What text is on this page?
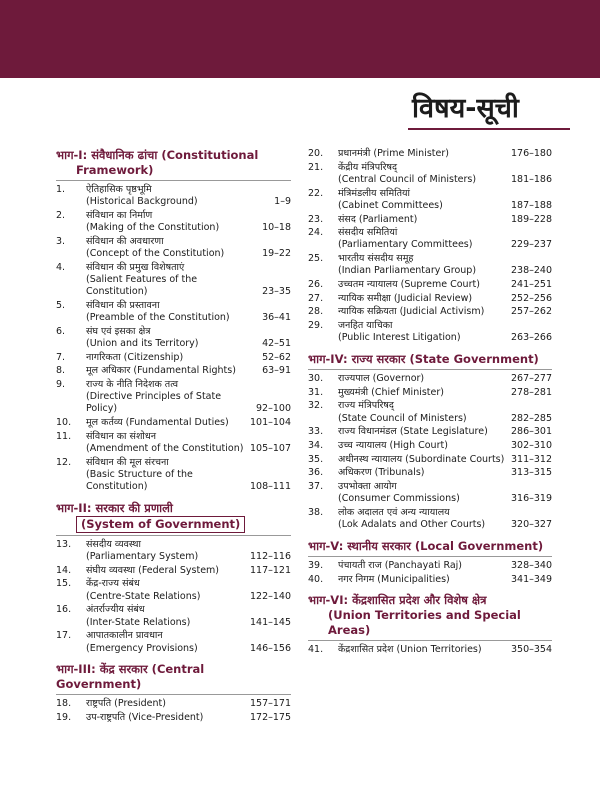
विषय-सूची
भाग-I: संवैधानिक ढांचा (Constitutional
Framework)
1.	ऐतिहासिक पृष्ठभूमि
(Historical Background)	1–9
2.	संविधान का निर्माण
(Making of the Constitution)	10–18
3.	संविधान की अवधारणा
(Concept of the Constitution)	19–22
4.	संविधान की प्रमुख विशेषताएं
(Salient Features of the Constitution)	23–35
5.	संविधान की प्रस्तावना
(Preamble of the Constitution)	36–41
6.	संघ एवं इसका क्षेत्र
(Union and its Territory)	42–51
7.	नागरिकता (Citizenship)	52–62
8.	मूल अधिकार (Fundamental Rights)	63–91
9.	राज्य के नीति निदेशक तत्व
(Directive Principles of State Policy)	92–100
10.	मूल कर्तव्य (Fundamental Duties)	101–104
11.	संविधान का संशोधन
(Amendment of the Constitution) 105–107
12.	संविधान की मूल संरचना
(Basic Structure of the Constitution)	108–111
भाग-II: सरकार की प्रणाली
(System of Government)
13.	संसदीय व्यवस्था
(Parliamentary System)	112–116
14.	संघीय व्यवस्था (Federal System)	117–121
15.	केंद्र-राज्य संबंध
(Centre-State Relations)	122–140
16.	अंतर्राज्यीय संबंध
(Inter-State Relations)	141–145
17.	आपातकालीन प्रावधान
(Emergency Provisions)	146–156
भाग-III: केंद्र सरकार (Central Government)
18.	राष्ट्रपति (President)	157–171
19.	उप-राष्ट्रपति (Vice-President)	172–175
20.	प्रधानमंत्री (Prime Minister)	176–180
21.	केंद्रीय मंत्रिपरिषद्
(Central Council of Ministers)	181–186
22.	मंत्रिमंडलीय समितियां
(Cabinet Committees)	187–188
23.	संसद (Parliament)	189–228
24.	संसदीय समितियां
(Parliamentary Committees)	229–237
25.	भारतीय संसदीय समूह
(Indian Parliamentary Group)	238–240
26.	उच्चतम न्यायालय (Supreme Court)	241–251
27.	न्यायिक समीक्षा (Judicial Review)	252–256
28.	न्यायिक सक्रियता (Judicial Activism)	257–262
29.	जनहित याचिका
(Public Interest Litigation)	263–266
भाग-IV: राज्य सरकार (State Government)
30.	राज्यपाल (Governor)	267–277
31.	मुख्यमंत्री (Chief Minister)	278–281
32.	राज्य मंत्रिपरिषद्
(State Council of Ministers)	282–285
33.	राज्य विधानमंडल (State Legislature)	286–301
34.	उच्च न्यायालय (High Court)	302–310
35.	अधीनस्थ न्यायालय (Subordinate Courts) 311–312
36.	अधिकरण (Tribunals)	313–315
37.	उपभोक्ता आयोग
(Consumer Commissions)	316–319
38.	लोक अदालत एवं अन्य न्यायालय
(Lok Adalats and Other Courts)	320–327
भाग-V: स्थानीय सरकार (Local Government)
39.	पंचायती राज (Panchayati Raj)	328–340
40.	नगर निगम (Municipalities)	341–349
भाग-VI: केंद्रशासित प्रदेश और विशेष क्षेत्र
(Union Territories and Special
Areas)
41.	केंद्रशासित प्रदेश (Union Territories)	350–354
